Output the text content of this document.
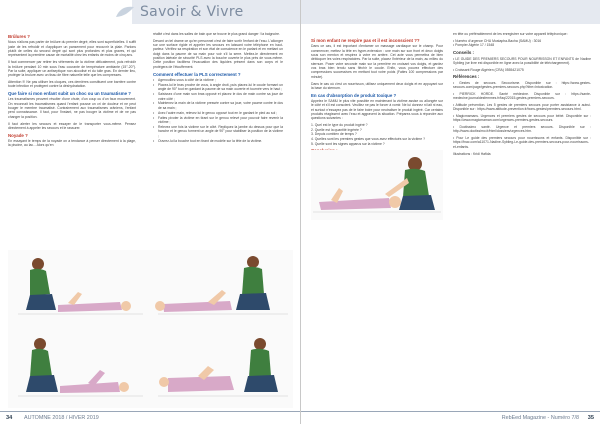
Savoir & Vivre
Brûlures ?

Nous n'allons pas parler de brûlure du premier degré, elles sont superficielles. Il suffit juste de les refroidir et d'appliquer un pansement pour recouvrir la plaie. Parlons plutôt de celles du second degré qui sont plus profondes et plus graves, et qui représentent la première cause de mortalité chez les enfants de moins de cinq ans.

Il faut commencer par retirer les vêtements de la victime délicatement, puis refroidir la brûlure pendant 10 min sous l'eau courante de température ambiante (15°-20°). Par la suite, appliquer un antiseptique non alcoolisé et du tulle gras. En dernier lieu, protéger la brulure avec un tissu de fibre naturelle telle que les compresses.

Attention !!! Ne pas utiliser les cloques, ces dernières constituent une barrière contre toute infection et protégent contre la déshydratation.

Que faire si mon enfant subit un choc ou un traumatisme ?

Les traumatismes peuvent résulter d'une chute, d'un coup ou d'un faux mouvement. On reconnait les traumatismes quand l'enfant pousse un cri de douleur et ne peut bouger le membre traumatisé. Contrairement aux traumatismes crâniens, l'enfant perd connaissance. Il faut, pour l'instant, ne pas bouger la victime et de ne pas changer la position.

Il faut alerter les secours et essayer de le transporter vous-même. Pensez directement à appeler les secours et le rassurer.

Noyade ?

En essayant le temps de la noyade on a tendance à penser directement à la plage, la piscine, au lac... Alors qu'en

réalité c'est dans les salles de bain que se trouve le plus grand danger ! la baignoire.

Devant un tel drame ce qu'en personnel c'est de faire sortir l'enfant de l'eau. L'allonger sur une surface rigide et appeler les secours en laissant votre téléphone en haut-parleur. Vérifiez sa respiration et son état de conscience en le parlant et en mettant un doigt dans la paume de sa main pour voir s'il la serre. Mettez-le directement en position latérale de sécurité PLS avec la bouche ouverte le plus près de vous-même. Cette position facilitera l'évacuation des liquides présent dans son corps et le protégera de l'étouffement.

Comment effectuer la PLS correctement ?
• Agenouillez-vous à côté de la victime ;
• Placez-lui le bras proche de vous, à angle droit, puis placez-lui le coude formant un angle de 90° tout en gardant la paume de sa main ouverte et tournée vers le haut ;
• Saisissez d'une main son bras opposé et placez le dos de main contre sa joue de votre côté ;
• Maintenez la main de la victime pressée contre sa joue, votre paume contre le dos de sa main ;
• Avec l'autre main, relevez lui le genou opposé tout en le gardant le pied au sol ;
• Faites pivoter la victime en tirant sur le genou relevé pour pouvoir faire revenir la victime ;
• Relevez une fois la victime sur le côté. Repliquez la jambe du dessus pour que la hanche et le genou forment un angle de 90° pour stabiliser la position de la victime ;
• Ouvrez-lui la bouche tout en tirant de modèle sur la tête de la victime.
34 AUTOMNE 2018 / HIVER 2019
Si mon enfant ne respire pas et il est inconscient ??

Dans ce cas, il est important d'entamer un massage cardiaque sur le champ. Pour commencer, mettez la tête en hyper-extension : une main sur son front et deux doigts sous son menton et respirez à votre en arrière. Cet acte vous permettra de bien débloquer les voies respiratoires. Par la suite, placez l'intérieur de la main, au milieu du sternum. Poser votre seconde main sur la première en croisant vos doigts, et gardez vos bras bien tendu sans fléchir le coude. Enfin, vous pouvez effectuer des compressions successives en mettant tout votre poids (Faites 100 compressions par minute).

Dans le cas où c'est un nourrisson, utilisez uniquement deux doigts et en appuyant sur la base du sternum.

En cas d'absorption de produit toxique ?

Appelez le SAMU le plus vite possible en maintenant la victime assise ou allongée sur le côté et s'il est conscient. Veuillez ne pas le forcer à vomir. Ne lui donnez ni lait ni eau, et surtout n'essayez pas de le faire boire pour neutraliser le produit ingéré. Car certains produits réagissent avec l'eau et aggravent la situation. Préparez-vous à répondre aux questions suivantes :

1. Quel est le type du produit ingéré ?
2. Quelle est la quantité ingérée ?
3. Depuis combien de temps ?
4. Quelles sont les premiers gestes que vous avez effectués sur la victime ?
5. Quelle sont les signes apparus sur la victime ?

en tête ou préférablement de les enregistrer sur votre appareil téléphonique :

• Numéro d'urgence CHU Mustapha-Bacha (SAMU) : 3016
• Pompier Algérie 17 / 1548
Conseils :

• LE GUIDE DES PREMIERS SECOURS POUR NOURRISSON ET ENFANTS de Nadine Sybileg (se livre est disponible en ligne avec la possibilité de téléchargement).

• Croissant Rouge Algérien (CRA) 0555421075

Références :

• Gestes de secours. Secourisme. Disponible sur : https://www.gestes-secours.com/page/gestes-premiers-secours.php?titre=Intoxication.

• PIERRICK HORDE. Santé médecine. Disponible sur : https://sante-medecine.journaldesfemmes.fr/faq/22015-gestes-premiers-secours.

• Attitude prévention. Les 5 gestes de premiers secours pour porter assistance à autrui. Disponible sur : https://www.attitude-prevention.fr/bons-gestes/premiers-secours.html.

• Magicmamans. Urgences et premiers gestes de secours pour bébé. Disponible sur : https://www.magicmaman.com/urgences-premiers-gestes-secours.

• Doctissimo santé. Urgence et premiers secours. Disponible sur : http://www.doctissimo.fr/html/dossiers/urgences.htm.

• Pour Le guide des premiers secours pour nourrissons et enfants. Disponible sur : https://fnac.com/a11071-Nadine-Sybileg-Le-guide-des-premiers-secours-pour-nourrissons-et-enfants.

Illustrations : Kridi Hafida

RebEed Magazine - Numéro 7/8 35
